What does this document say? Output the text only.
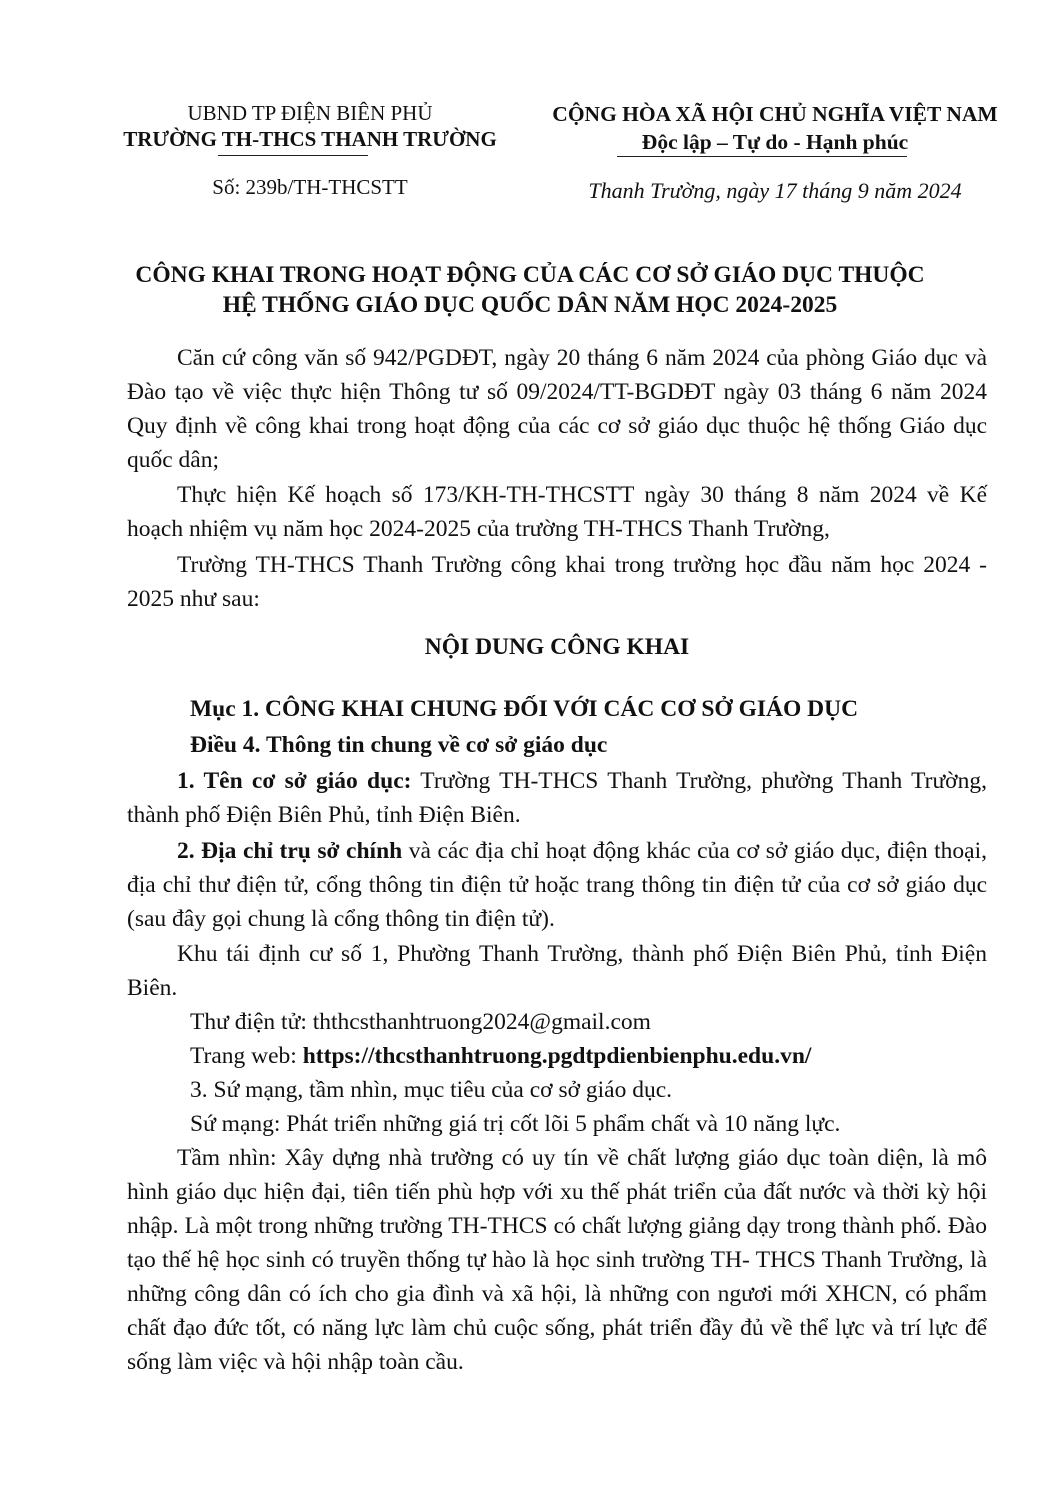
UBND TP ĐIỆN BIÊN PHỦ
TRƯỜNG TH-THCS THANH TRƯỜNG
Số: 239b/TH-THCSTT
CỘNG HÒA XÃ HỘI CHỦ NGHĨA VIỆT NAM
Độc lập – Tự do - Hạnh phúc
Thanh Trường, ngày 17 tháng 9 năm 2024
CÔNG KHAI TRONG HOẠT ĐỘNG CỦA CÁC CƠ SỞ GIÁO DỤC THUỘC
HỆ THỐNG GIÁO DỤC QUỐC DÂN NĂM HỌC 2024-2025
Căn cứ công văn số 942/PGDĐT, ngày 20 tháng 6 năm 2024 của phòng Giáo dục và Đào tạo về việc thực hiện Thông tư số 09/2024/TT-BGDĐT ngày 03 tháng 6 năm 2024 Quy định về công khai trong hoạt động của các cơ sở giáo dục thuộc hệ thống Giáo dục quốc dân;
Thực hiện Kế hoạch số 173/KH-TH-THCSTT ngày 30 tháng 8 năm 2024 về Kế hoạch nhiệm vụ năm học 2024-2025 của trường TH-THCS Thanh Trường,
Trường TH-THCS Thanh Trường công khai trong trường học đầu năm học 2024 - 2025 như sau:
NỘI DUNG CÔNG KHAI
Mục 1. CÔNG KHAI CHUNG ĐỐI VỚI CÁC CƠ SỞ GIÁO DỤC
Điều 4. Thông tin chung về cơ sở giáo dục
1. Tên cơ sở giáo dục: Trường TH-THCS Thanh Trường, phường Thanh Trường, thành phố Điện Biên Phủ, tỉnh Điện Biên.
2. Địa chỉ trụ sở chính và các địa chỉ hoạt động khác của cơ sở giáo dục, điện thoại, địa chỉ thư điện tử, cổng thông tin điện tử hoặc trang thông tin điện tử của cơ sở giáo dục (sau đây gọi chung là cổng thông tin điện tử).
Khu tái định cư số 1, Phường Thanh Trường, thành phố Điện Biên Phủ, tỉnh Điện Biên.
Thư điện tử: ththcsthanhtruong2024@gmail.com
Trang web: https://thcsthanhtruong.pgdtpdienbienphu.edu.vn/
3. Sứ mạng, tầm nhìn, mục tiêu của cơ sở giáo dục.
Sứ mạng: Phát triển những giá trị cốt lõi 5 phẩm chất và 10 năng lực.
Tầm nhìn: Xây dựng nhà trường có uy tín về chất lượng giáo dục toàn diện, là mô hình giáo dục hiện đại, tiên tiến phù hợp với xu thế phát triển của đất nước và thời kỳ hội nhập. Là một trong những trường TH-THCS có chất lượng giảng dạy trong thành phố. Đào tạo thế hệ học sinh có truyền thống tự hào là học sinh trường TH- THCS Thanh Trường, là những công dân có ích cho gia đình và xã hội, là những con ngươi mới XHCN, có phẩm chất đạo đức tốt, có năng lực làm chủ cuộc sống, phát triển đầy đủ về thể lực và trí lực để sống làm việc và hội nhập toàn cầu.
